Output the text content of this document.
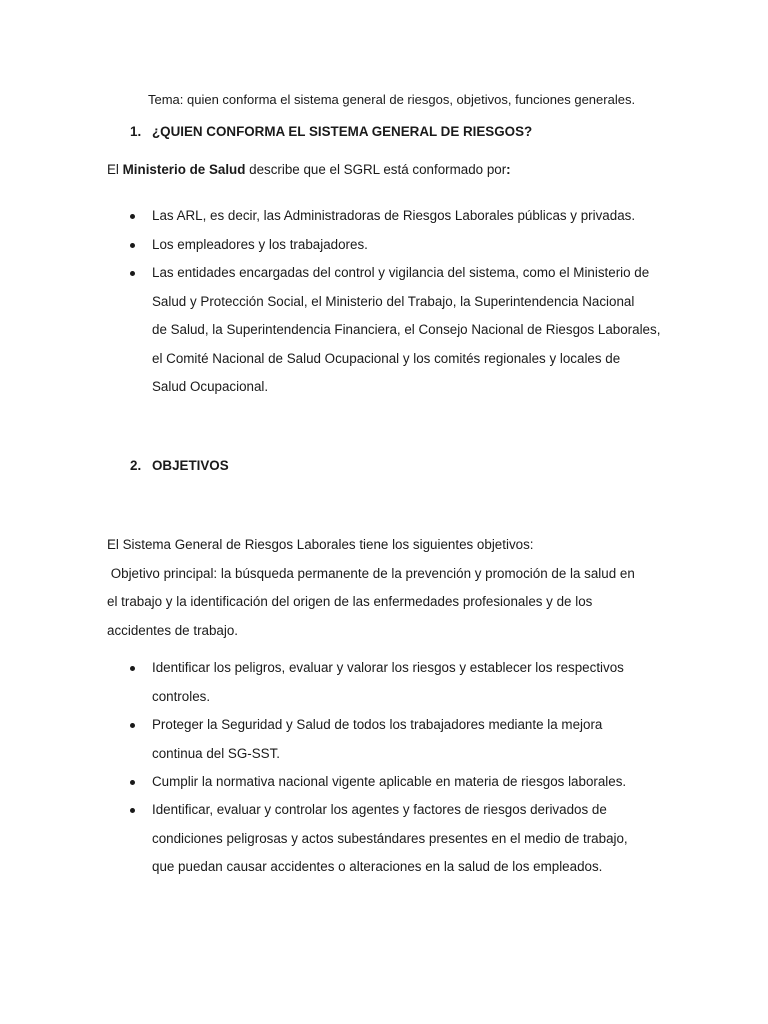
Tema: quien conforma el sistema general de riesgos, objetivos, funciones generales.
1. ¿QUIEN CONFORMA EL SISTEMA GENERAL DE RIESGOS?
El Ministerio de Salud describe que el SGRL está conformado por:
Las ARL, es decir, las Administradoras de Riesgos Laborales públicas y privadas.
Los empleadores y los trabajadores.
Las entidades encargadas del control y vigilancia del sistema, como el Ministerio de
Salud y Protección Social, el Ministerio del Trabajo, la Superintendencia Nacional
de Salud, la Superintendencia Financiera, el Consejo Nacional de Riesgos Laborales,
el Comité Nacional de Salud Ocupacional y los comités regionales y locales de
Salud Ocupacional.
2. OBJETIVOS
El Sistema General de Riesgos Laborales tiene los siguientes objetivos:
Objetivo principal: la búsqueda permanente de la prevención y promoción de la salud en
el trabajo y la identificación del origen de las enfermedades profesionales y de los
accidentes de trabajo.
Identificar los peligros, evaluar y valorar los riesgos y establecer los respectivos
controles.
Proteger la Seguridad y Salud de todos los trabajadores mediante la mejora
continua del SG-SST.
Cumplir la normativa nacional vigente aplicable en materia de riesgos laborales.
Identificar, evaluar y controlar los agentes y factores de riesgos derivados de
condiciones peligrosas y actos subestándares presentes en el medio de trabajo,
que puedan causar accidentes o alteraciones en la salud de los empleados.
